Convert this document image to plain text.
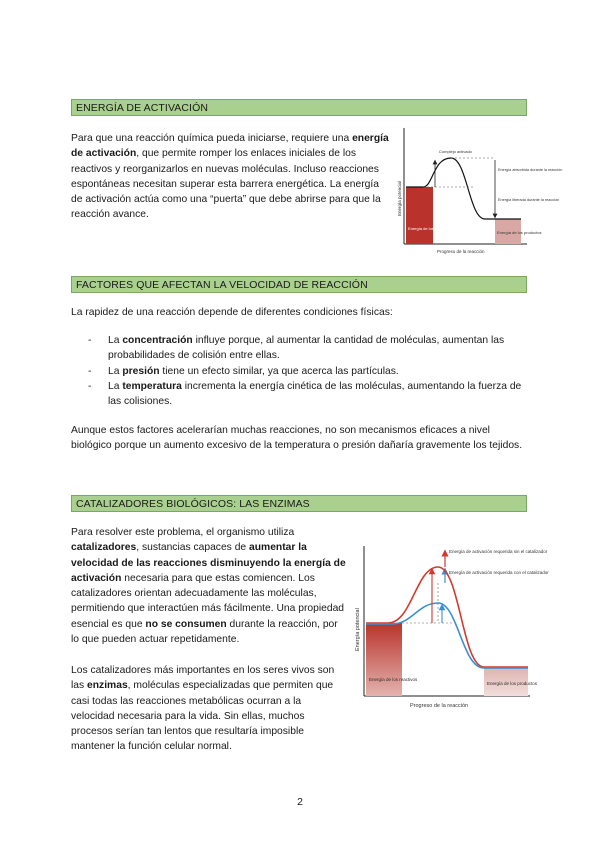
ENERGÍA DE ACTIVACIÓN

Para que una reacción química pueda iniciarse, requiere una energía de activación, que permite romper los enlaces iniciales de los reactivos y reorganizarlos en nuevas moléculas. Incluso reacciones espontáneas necesitan superar esta barrera energética. La energía de activación actúa como una “puerta” que debe abrirse para que la reacción avance.	Energía potencial
Progreso de la reacción
Energía de los reactivos
Energía de los productos
Complejo activado
Energía absorbida durante la reacción
Energía liberada durante la reacción
FACTORES QUE AFECTAN LA VELOCIDAD DE REACCIÓN

La rapidez de una reacción depende de diferentes condiciones físicas:

- La concentración influye porque, al aumentar la cantidad de moléculas, aumentan las probabilidades de colisión entre ellas.
- La presión tiene un efecto similar, ya que acerca las partículas.
- La temperatura incrementa la energía cinética de las moléculas, aumentando la fuerza de las colisiones.

Aunque estos factores acelerarían muchas reacciones, no son mecanismos eficaces a nivel biológico porque un aumento excesivo de la temperatura o presión dañaría gravemente los tejidos.

CATALIZADORES BIOLÓGICOS: LAS ENZIMAS

Para resolver este problema, el organismo utiliza catalizadores, sustancias capaces de aumentar la velocidad de las reacciones disminuyendo la energía de activación necesaria para que estas comiencen. Los catalizadores orientan adecuadamente las moléculas, permitiendo que interactúen más fácilmente. Una propiedad esencial es que no se consumen durante la reacción, por lo que pueden actuar repetidamente.

Los catalizadores más importantes en los seres vivos son las enzimas, moléculas especializadas que permiten que casi todas las reacciones metabólicas ocurran a la velocidad necesaria para la vida. Sin ellas, muchos procesos serían tan lentos que resultaría imposible mantener la función celular normal.

Energía potencial
Progreso de la reacción
Energía de activación requerida sin el catalizador
Energía de activación requerida con el catalizador
Energía de los reactivos
Energía de los productos
2
